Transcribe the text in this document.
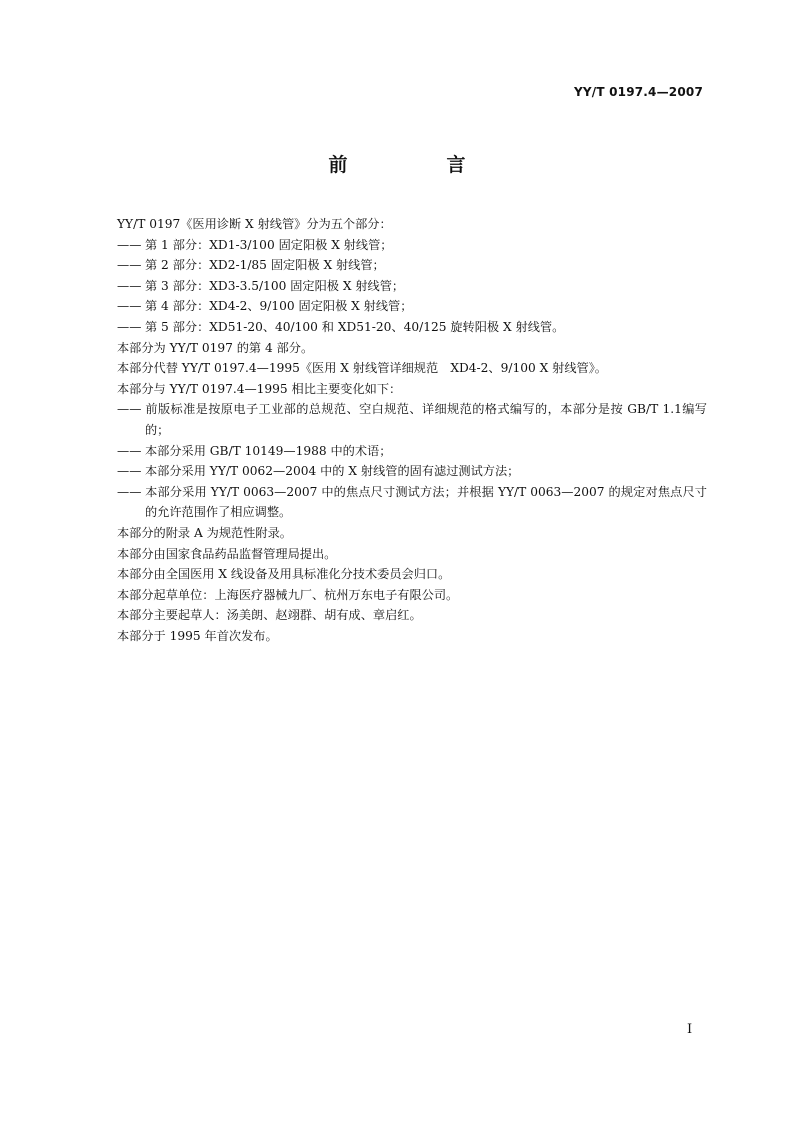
YY/T 0197.4—2007
前　言

YY/T 0197《医用诊断 X 射线管》分为五个部分：

—— 第 1 部分：XD1-3/100 固定阳极 X 射线管；

—— 第 2 部分：XD2-1/85 固定阳极 X 射线管；

—— 第 3 部分：XD3-3.5/100 固定阳极 X 射线管；

—— 第 4 部分：XD4-2、9/100 固定阳极 X 射线管；

—— 第 5 部分：XD51-20、40/100 和 XD51-20、40/125 旋转阳极 X 射线管。

本部分为 YY/T 0197 的第 4 部分。

本部分代替 YY/T 0197.4—1995《医用 X 射线管详细规范　XD4-2、9/100 X 射线管》。

本部分与 YY/T 0197.4—1995 相比主要变化如下：

—— 前版标准是按原电子工业部的总规范、空白规范、详细规范的格式编写的，本部分是按 GB/T 1.1编写的；

—— 本部分采用 GB/T 10149—1988 中的术语；

—— 本部分采用 YY/T 0062—2004 中的 X 射线管的固有滤过测试方法；

—— 本部分采用 YY/T 0063—2007 中的焦点尺寸测试方法；并根据 YY/T 0063—2007 的规定对焦点尺寸的允许范围作了相应调整。

本部分的附录 A 为规范性附录。

本部分由国家食品药品监督管理局提出。

本部分由全国医用 X 线设备及用具标准化分技术委员会归口。

本部分起草单位：上海医疗器械九厂、杭州万东电子有限公司。

本部分主要起草人：汤美朗、赵翊群、胡有成、章启红。

本部分于 1995 年首次发布。

I
